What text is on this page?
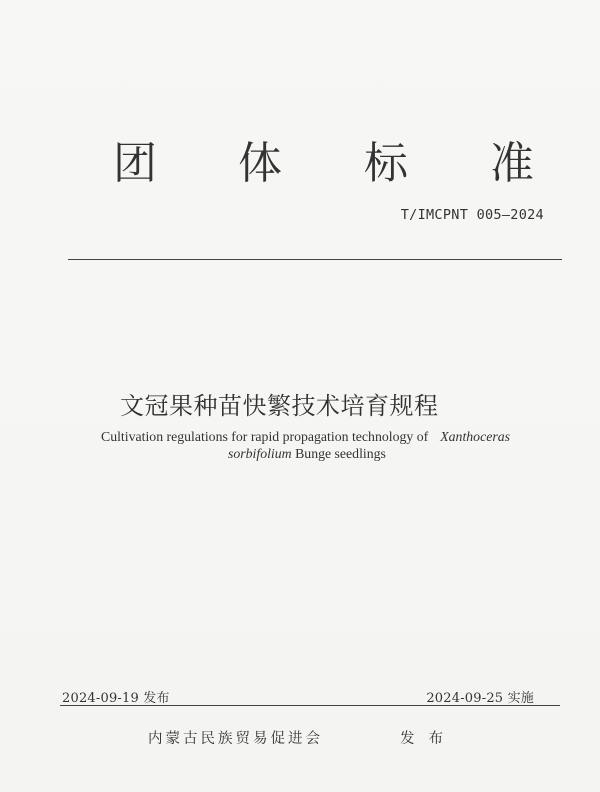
团 体 标 准
T/IMCPNT 005—2024
文冠果种苗快繁技术培育规程
Cultivation regulations for rapid propagation technology of Xanthoceras
sorbifolium Bunge seedlings
2024-09-19 发布	2024-09-25 实施
内蒙古民族贸易促进会	发布
